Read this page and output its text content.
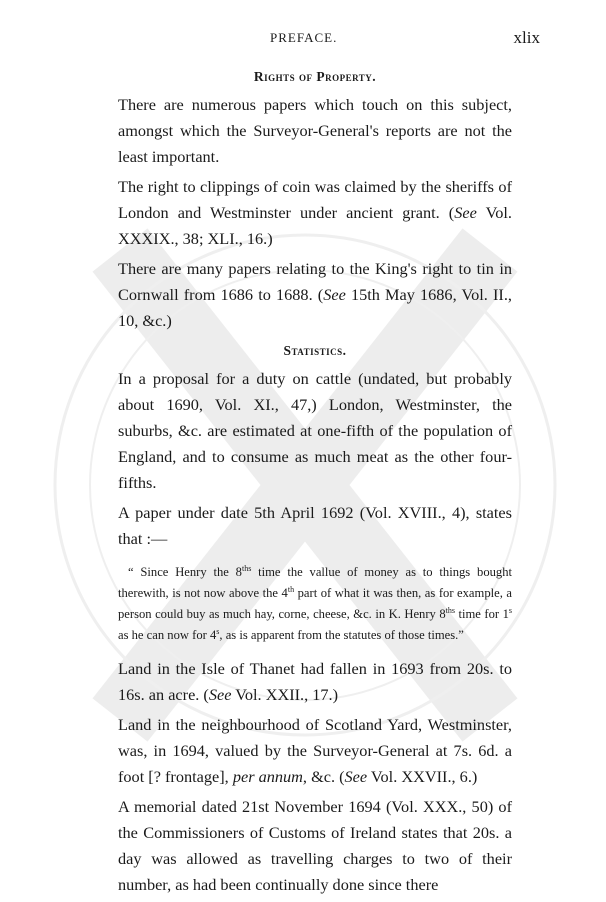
PREFACE.	xlix
Rights of Property.

There are numerous papers which touch on this subject, amongst which the Surveyor-General's reports are not the least important.

The right to clippings of coin was claimed by the sheriffs of London and Westminster under ancient grant. (See Vol. XXXIX., 38; XLI., 16.)

There are many papers relating to the King's right to tin in Cornwall from 1686 to 1688. (See 15th May 1686, Vol. II., 10, &c.)

Statistics.

In a proposal for a duty on cattle (undated, but probably about 1690, Vol. XI., 47,) London, Westminster, the suburbs, &c. are estimated at one-fifth of the population of England, and to consume as much meat as the other four-fifths.

A paper under date 5th April 1692 (Vol. XVIII., 4), states that :—

“ Since Henry the $8^{ths}$ time the vallue of money as to things bought therewith, is not now above the 4th part of what it was then, as for example, a person could buy as much hay, corne, cheese, &c. in K. Henry $8^{ths}$ time for 1$^s$ as he can now for 4$^s$, as is apparent from the statutes of those times.”

Land in the Isle of Thanet had fallen in 1693 from 20s. to 16s. an acre. (See Vol. XXII., 17.)

Land in the neighbourhood of Scotland Yard, Westminster, was, in 1694, valued by the Surveyor-General at 7s. 6d. a foot [? frontage], per annum, &c. (See Vol. XXVII., 6.)

A memorial dated 21st November 1694 (Vol. XXX., 50) of the Commissioners of Customs of Ireland states that 20s. a day was allowed as travelling charges to two of their number, as had been continually done since there
